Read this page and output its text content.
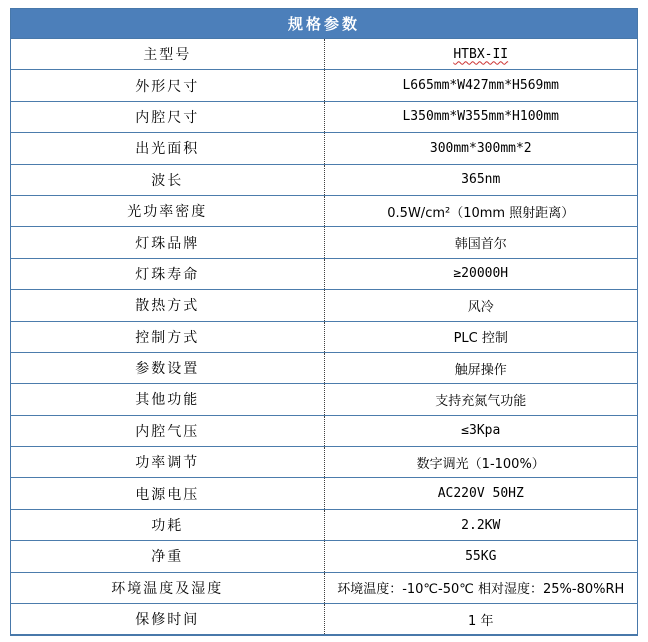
规格参数	
主型号	HTBX-II
外形尺寸	L665mm*W427mm*H569mm
内腔尺寸	L350mm*W355mm*H100mm
出光面积	300mm*300mm*2
波长	365nm
光功率密度	0.5W/cm²（10mm 照射距离）
灯珠品牌	韩国首尔
灯珠寿命	≥20000H
散热方式	风冷
控制方式	PLC 控制
参数设置	触屏操作
其他功能	支持充氮气功能
内腔气压	≤3Kpa
功率调节	数字调光（1-100%）
电源电压	AC220V 50HZ
功耗	2.2KW
净重	55KG
环境温度及湿度	环境温度：-10℃-50℃ 相对湿度：25%-80%RH
保修时间	1 年
